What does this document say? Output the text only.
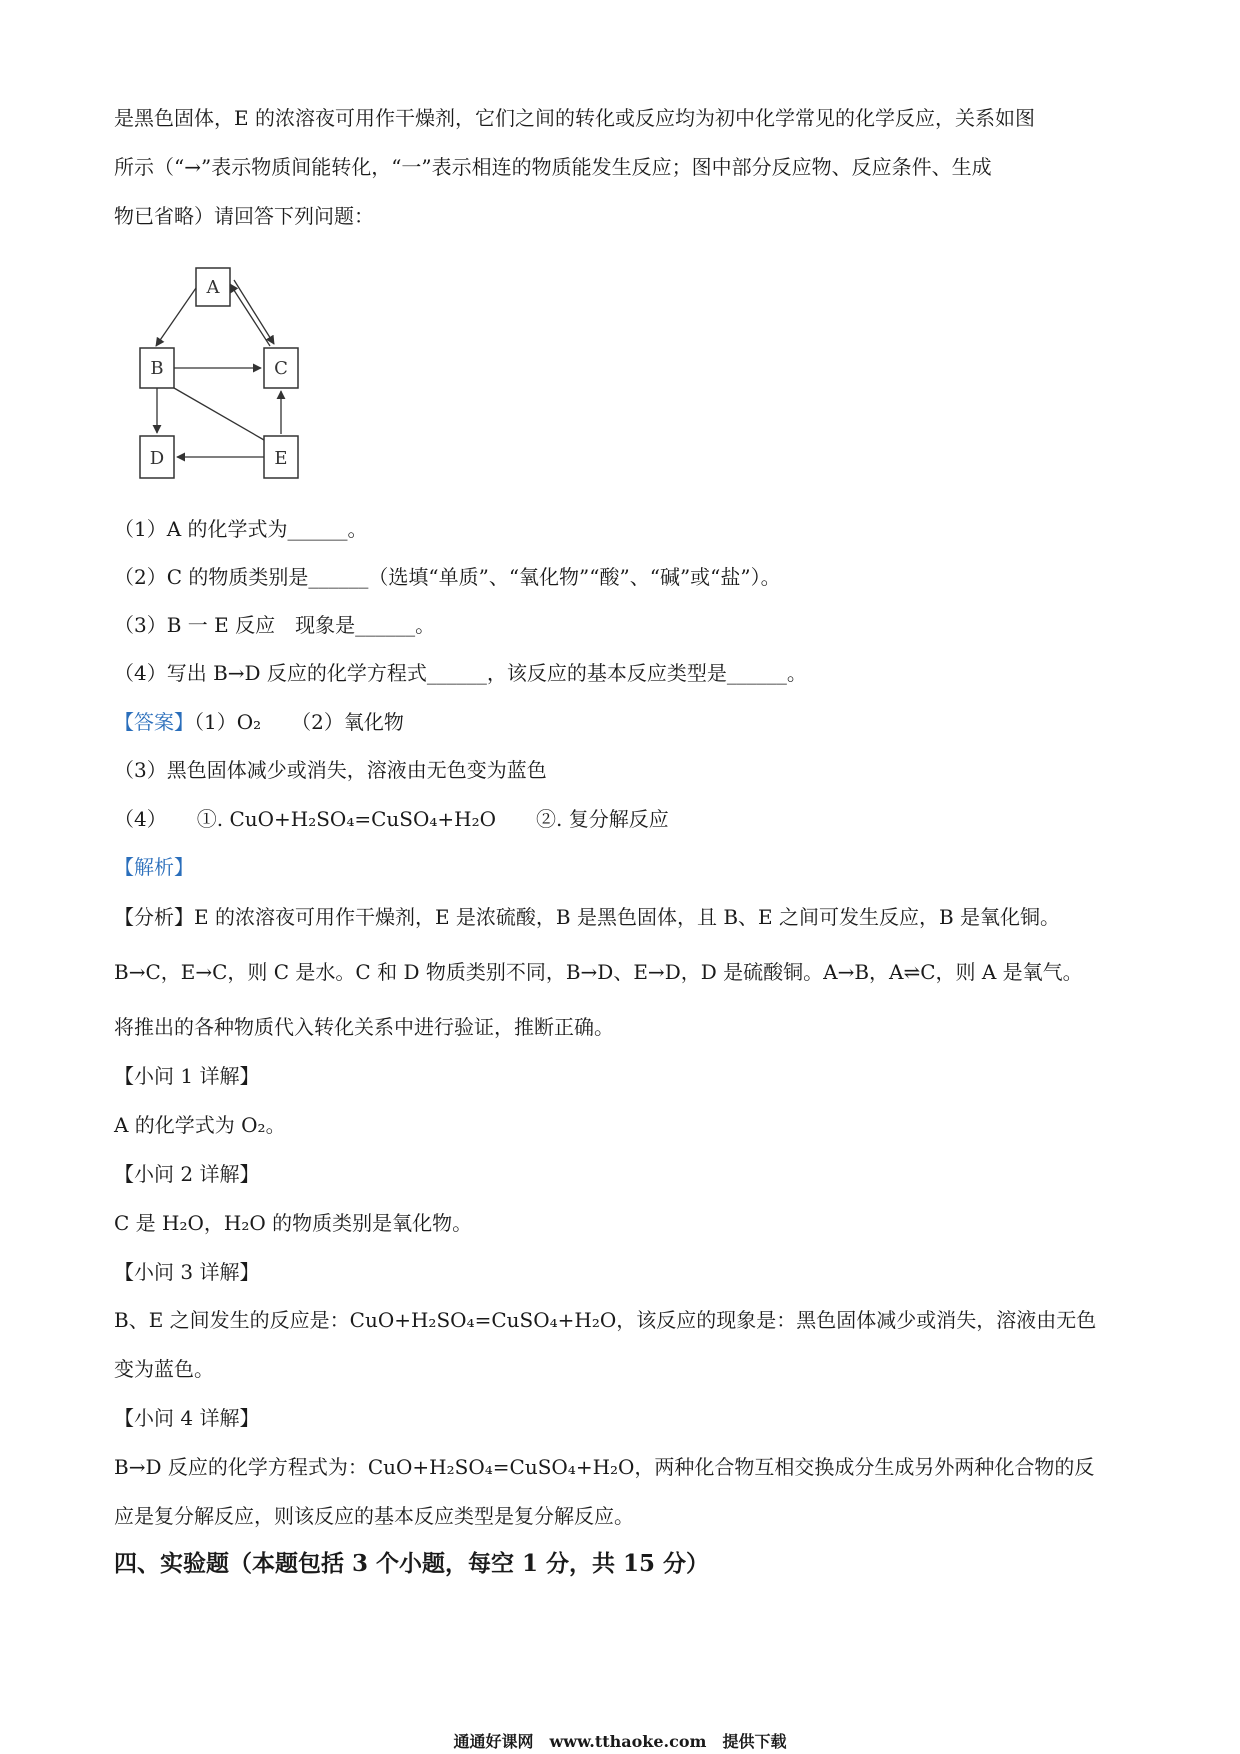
是黑色固体，E 的浓溶夜可用作干燥剂，它们之间的转化或反应均为初中化学常见的化学反应，关系如图
所示（“→”表示物质间能转化，“一”表示相连的物质能发生反应；图中部分反应物、反应条件、生成
物已省略）请回答下列问题：
A
B	C
D	E
（1）A 的化学式为______。
（2）C 的物质类别是______（选填“单质”、“氧化物”“酸”、“碱”或“盐”）。
（3）B 一 E 反应　现象是______。
（4）写出 B→D 反应的化学方程式______，该反应的基本反应类型是______。
【答案】（1）O₂　　（2）氧化物
（3）黑色固体减少或消失，溶液由无色变为蓝色
（4）　　①. CuO+H₂SO₄=CuSO₄+H₂O　　②. 复分解反应
【解析】
【分析】E 的浓溶夜可用作干燥剂，E 是浓硫酸，B 是黑色固体，且 B、E 之间可发生反应，B 是氧化铜。
B→C，E→C，则 C 是水。C 和 D 物质类别不同，B→D、E→D，D 是硫酸铜。A→B，A⇌C，则 A 是氧气。
将推出的各种物质代入转化关系中进行验证，推断正确。
【小问 1 详解】
A 的化学式为 O₂。
【小问 2 详解】
C 是 H₂O，H₂O 的物质类别是氧化物。
【小问 3 详解】
B、E 之间发生的反应是：CuO+H₂SO₄=CuSO₄+H₂O，该反应的现象是：黑色固体减少或消失，溶液由无色
变为蓝色。
【小问 4 详解】
B→D 反应的化学方程式为：CuO+H₂SO₄=CuSO₄+H₂O，两种化合物互相交换成分生成另外两种化合物的反
应是复分解反应，则该反应的基本反应类型是复分解反应。
四、实验题（本题包括 3 个小题，每空 1 分，共 15 分）
通通好课网　www.tthaoke.com　提供下载
